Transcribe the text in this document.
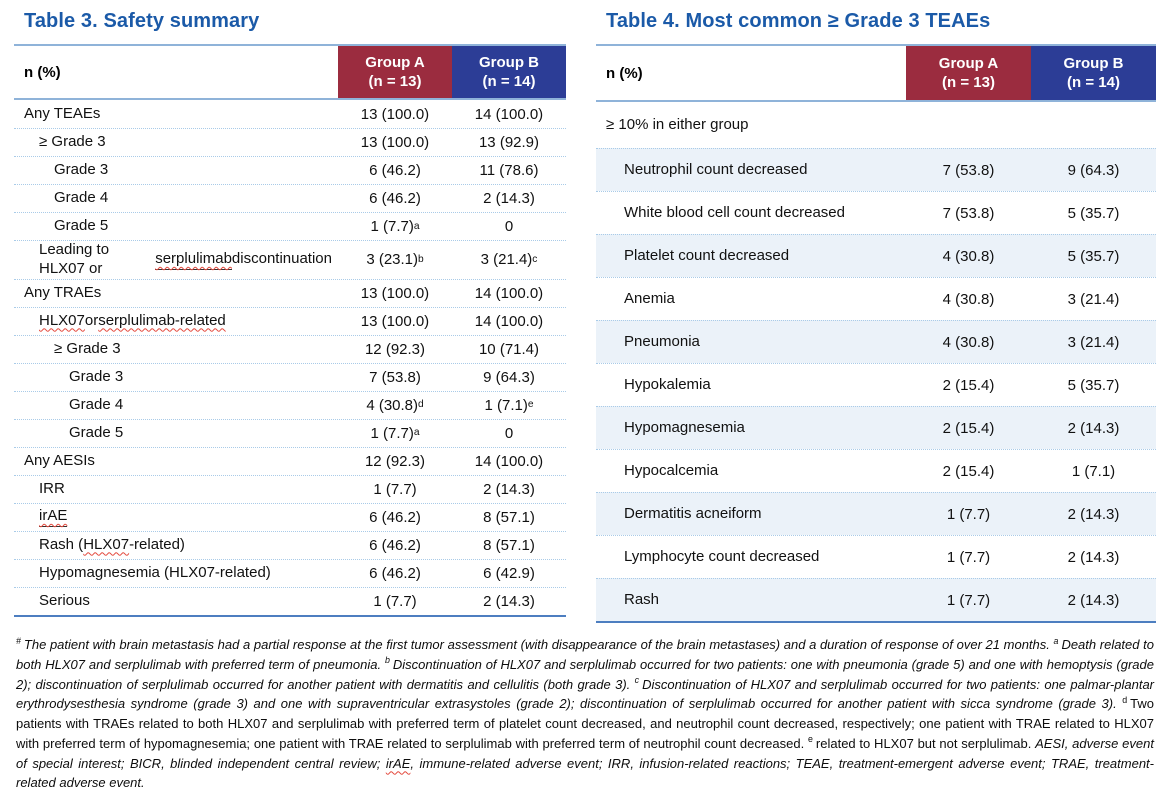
Table 3. Safety summary
n (%)
Group A
(n = 13)
Group B
(n = 14)
Any TEAEs	13 (100.0)	14 (100.0)
≥ Grade 3	13 (100.0)	13 (92.9)
Grade 3	6 (46.2)	11 (78.6)
Grade 4	6 (46.2)	2 (14.3)
Grade 5	1 (7.7) a	0
Leading to HLX07 or
serplulimab discontinuation	3 (23.1) b	3 (21.4) c
Any TRAEs	13 (100.0)	14 (100.0)
HLX07 or serplulimab-related	13 (100.0)	14 (100.0)
≥ Grade 3	12 (92.3)	10 (71.4)
Grade 3	7 (53.8)	9 (64.3)
Grade 4	4 (30.8) d	1 (7.1) e
Grade 5	1 (7.7) a	0
Any AESIs	12 (92.3)	14 (100.0)
IRR	1 (7.7)	2 (14.3)
irAE	6 (46.2)	8 (57.1)
Rash ( HLX07 -related)	6 (46.2)	8 (57.1)
Hypomagnesemia (HLX07-related)	6 (46.2)	6 (42.9)
Serious	1 (7.7)	2 (14.3)
Table 4. Most common ≥ Grade 3 TEAEs
n (%)
Group A
(n = 13)
Group B
(n = 14)
≥ 10% in either group
Neutrophil count decreased	7 (53.8)	9 (64.3)
White blood cell count decreased	7 (53.8)	5 (35.7)
Platelet count decreased	4 (30.8)	5 (35.7)
Anemia	4 (30.8)	3 (21.4)
Pneumonia	4 (30.8)	3 (21.4)
Hypokalemia	2 (15.4)	5 (35.7)
Hypomagnesemia	2 (15.4)	2 (14.3)
Hypocalcemia	2 (15.4)	1 (7.1)
Dermatitis acneiform	1 (7.7)	2 (14.3)
Lymphocyte count decreased	1 (7.7)	2 (14.3)
Rash	1 (7.7)	2 (14.3)
# The patient with brain metastasis had a partial response at the first tumor assessment (with disappearance of the brain metastases) and a duration of response of over 21 months. $^a$ Death related to both HLX07 and serplulimab with preferred term of pneumonia. $^b$ Discontinuation of HLX07 and serplulimab occurred for two patients: one with pneumonia (grade 5) and one with hemoptysis (grade 2); discontinuation of serplulimab occurred for another patient with dermatitis and cellulitis (both grade 3). $^c$ Discontinuation of HLX07 and serplulimab occurred for two patients: one palmar-plantar erythrodysesthesia syndrome (grade 3) and one with supraventricular extrasystoles (grade 2); discontinuation of serplulimab occurred for another patient with sicca syndrome (grade 3). $^d$ Two patients with TRAEs related to both HLX07 and serplulimab with preferred term of platelet count decreased, and neutrophil count decreased, respectively; one patient with TRAE related to HLX07 with preferred term of hypomagnesemia; one patient with TRAE related to serplulimab with preferred term of neutrophil count decreased. $^e$ related to HLX07 but not serplulimab. AESI, adverse event of special interest; BICR, blinded independent central review; irAE, immune-related adverse event; IRR, infusion-related reactions; TEAE, treatment-emergent adverse event; TRAE, treatment-related adverse event.
